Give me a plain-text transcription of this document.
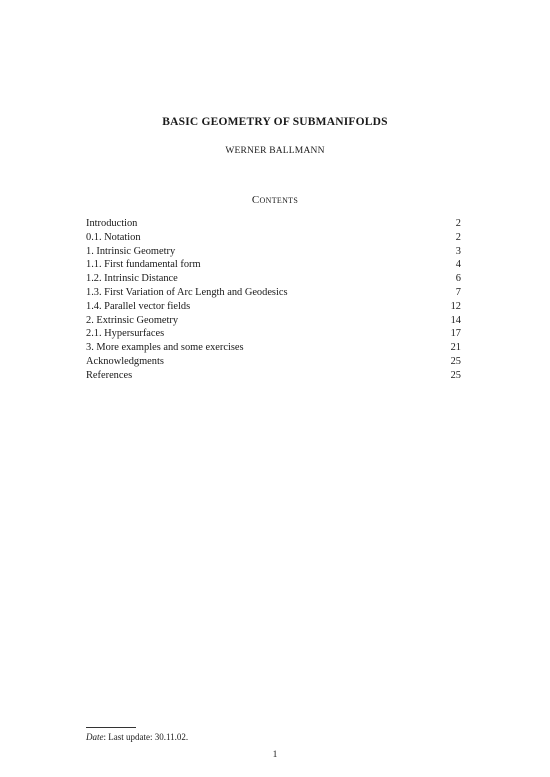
BASIC GEOMETRY OF SUBMANIFOLDS
WERNER BALLMANN
Contents
Introduction	2
0.1. Notation	2
1. Intrinsic Geometry	3
1.1. First fundamental form	4
1.2. Intrinsic Distance	6
1.3. First Variation of Arc Length and Geodesics	7
1.4. Parallel vector fields	12
2. Extrinsic Geometry	14
2.1. Hypersurfaces	17
3. More examples and some exercises	21
Acknowledgments	25
References	25
Date: Last update: 30.11.02.
1
